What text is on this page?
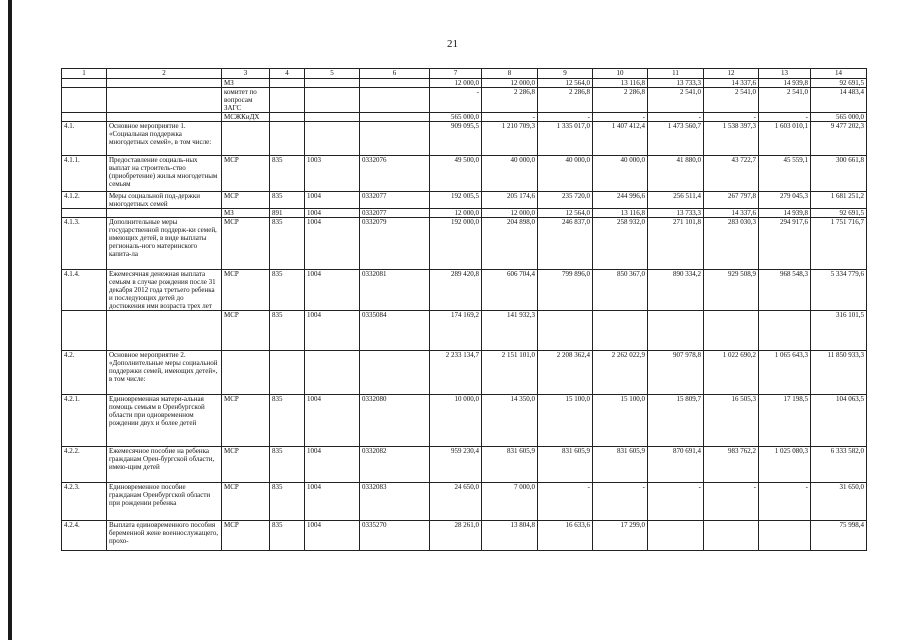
21
1	2	3	4	5	6	7	8	9	10	11	12	13	14
		МЗ				12 000,0	12 000,0	12 564,0	13 116,8	13 733,3	14 337,6	14 939,8	92 691,5
		комитет по вопросам ЗАГС				-	2 286,8	2 286,8	2 286,8	2 541,0	2 541,0	2 541,0	14 483,4
		МСЖКиДХ				565 000,0	-	-	-	-	-	-	565 000,0
4.1.	Основное мероприятие 1. «Социальная поддержка многодетных семей», в том числе:					909 095,5	1 210 709,3	1 335 017,0	1 407 412,4	1 473 560,7	1 538 397,3	1 603 010,1	9 477 202,3
4.1.1.	Предоставление социаль-ных выплат на строитель-ство (приобретение) жилья многодетным семьям	МСР	835	1003	0332076	49 500,0	40 000,0	40 000,0	40 000,0	41 880,0	43 722,7	45 559,1	300 661,8
4.1.2.	Меры социальной под-держки многодетных семей	МСР	835	1004	0332077	192 005,5	205 174,6	235 720,0	244 996,6	256 511,4	267 797,8	279 045,3	1 681 251,2
		МЗ	891	1004	0332077	12 000,0	12 000,0	12 564,0	13 116,8	13 733,3	14 337,6	14 939,8	92 691,5
4.1.3.	Дополнительные меры государственной поддерж-ки семей, имеющих детей, в виде выплаты региональ-ного материнского капита-ла	МСР	835	1004	0332079	192 000,0	204 898,0	246 837,0	258 932,0	271 101,8	283 030,3	294 917,6	1 751 716,7
4.1.4.	Ежемесячная денежная выплата семьям в случае рождения после 31 декабря 2012 года третьего ребенка и последующих детей до достижения ими возраста трех лет	МСР	835	1004	0332081	289 420,8	606 704,4	799 896,0	850 367,0	890 334,2	929 508,9	968 548,3	5 334 779,6
		МСР	835	1004	0335084	174 169,2	141 932,3						316 101,5
4.2.	Основное мероприятие 2. «Дополнительные меры социальной поддержки семей, имеющих детей», в том числе:					2 233 134,7	2 151 101,0	2 208 362,4	2 262 022,9	907 978,8	1 022 690,2	1 065 643,3	11 850 933,3
4.2.1.	Единовременная матери-альная помощь семьям в Оренбургской области при одновременном рождении двух и более детей	МСР	835	1004	0332080	10 000,0	14 350,0	15 100,0	15 100,0	15 809,7	16 505,3	17 198,5	104 063,5
4.2.2.	Ежемесячное пособие на ребенка гражданам Орен-бургской области, имею-щим детей	МСР	835	1004	0332082	959 230,4	831 605,9	831 605,9	831 605,9	870 691,4	983 762,2	1 025 080,3	6 333 582,0
4.2.3.	Единовременное пособие гражданам Оренбургской области при рождении ребенка	МСР	835	1004	0332083	24 650,0	7 000,0	-	-	-	-	-	31 650,0
4.2.4.	Выплата единовременного пособия беременной жене военнослужащего, прохо-	МСР	835	1004	0335270	28 261,0	13 804,8	16 633,6	17 299,0				75 998,4
